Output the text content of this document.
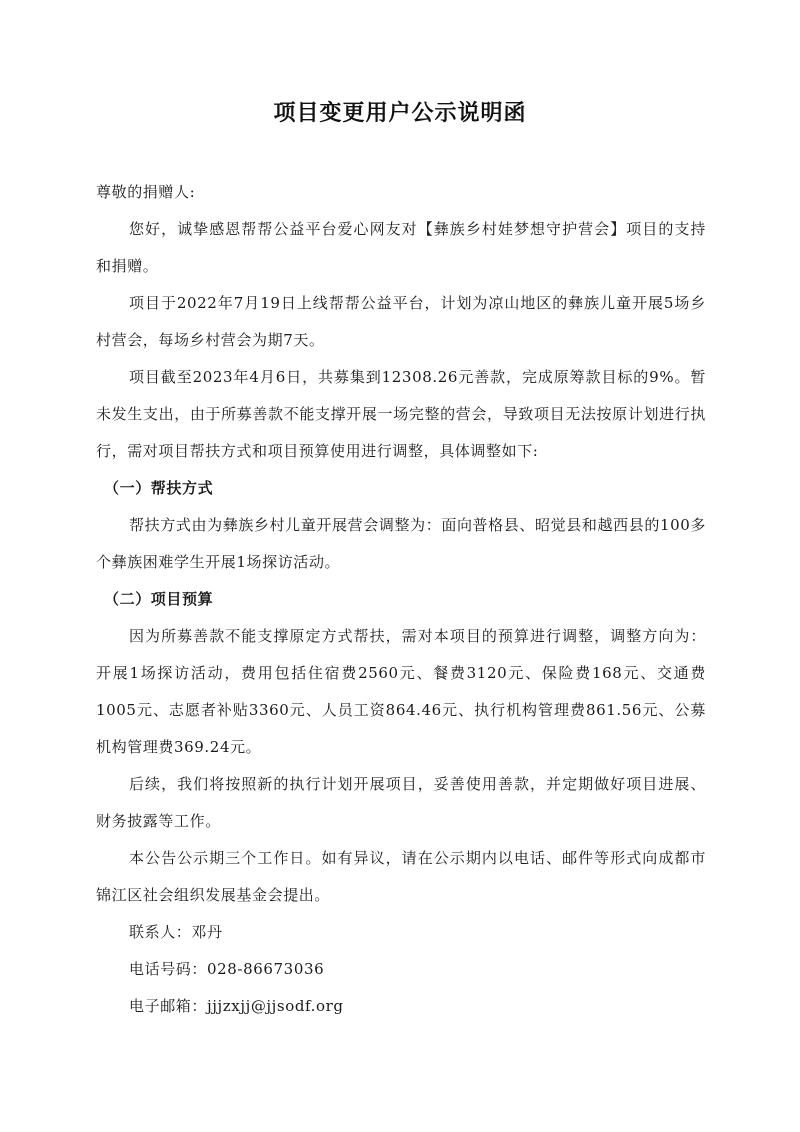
项目变更用户公示说明函

尊敬的捐赠人:

您好，诚挚感恩帮帮公益平台爱心网友对【彝族乡村娃梦想守护营会】项目的支持和捐赠。

项目于2022年7月19日上线帮帮公益平台，计划为凉山地区的彝族儿童开展5场乡村营会，每场乡村营会为期7天。

项目截至2023年4月6日，共募集到12308.26元善款，完成原筹款目标的9%。暂未发生支出，由于所募善款不能支撑开展一场完整的营会，导致项目无法按原计划进行执行，需对项目帮扶方式和项目预算使用进行调整，具体调整如下:

（一）帮扶方式

帮扶方式由为彝族乡村儿童开展营会调整为：面向普格县、昭觉县和越西县的100多个彝族困难学生开展1场探访活动。

（二）项目预算

因为所募善款不能支撑原定方式帮扶，需对本项目的预算进行调整，调整方向为：开展1场探访活动，费用包括住宿费2560元、餐费3120元、保险费168元、交通费1005元、志愿者补贴3360元、人员工资864.46元、执行机构管理费861.56元、公募机构管理费369.24元。

后续，我们将按照新的执行计划开展项目，妥善使用善款，并定期做好项目进展、财务披露等工作。

本公告公示期三个工作日。如有异议，请在公示期内以电话、邮件等形式向成都市锦江区社会组织发展基金会提出。

联系人：邓丹

电话号码：028-86673036

电子邮箱：jjjzxjj@jjsodf.org
